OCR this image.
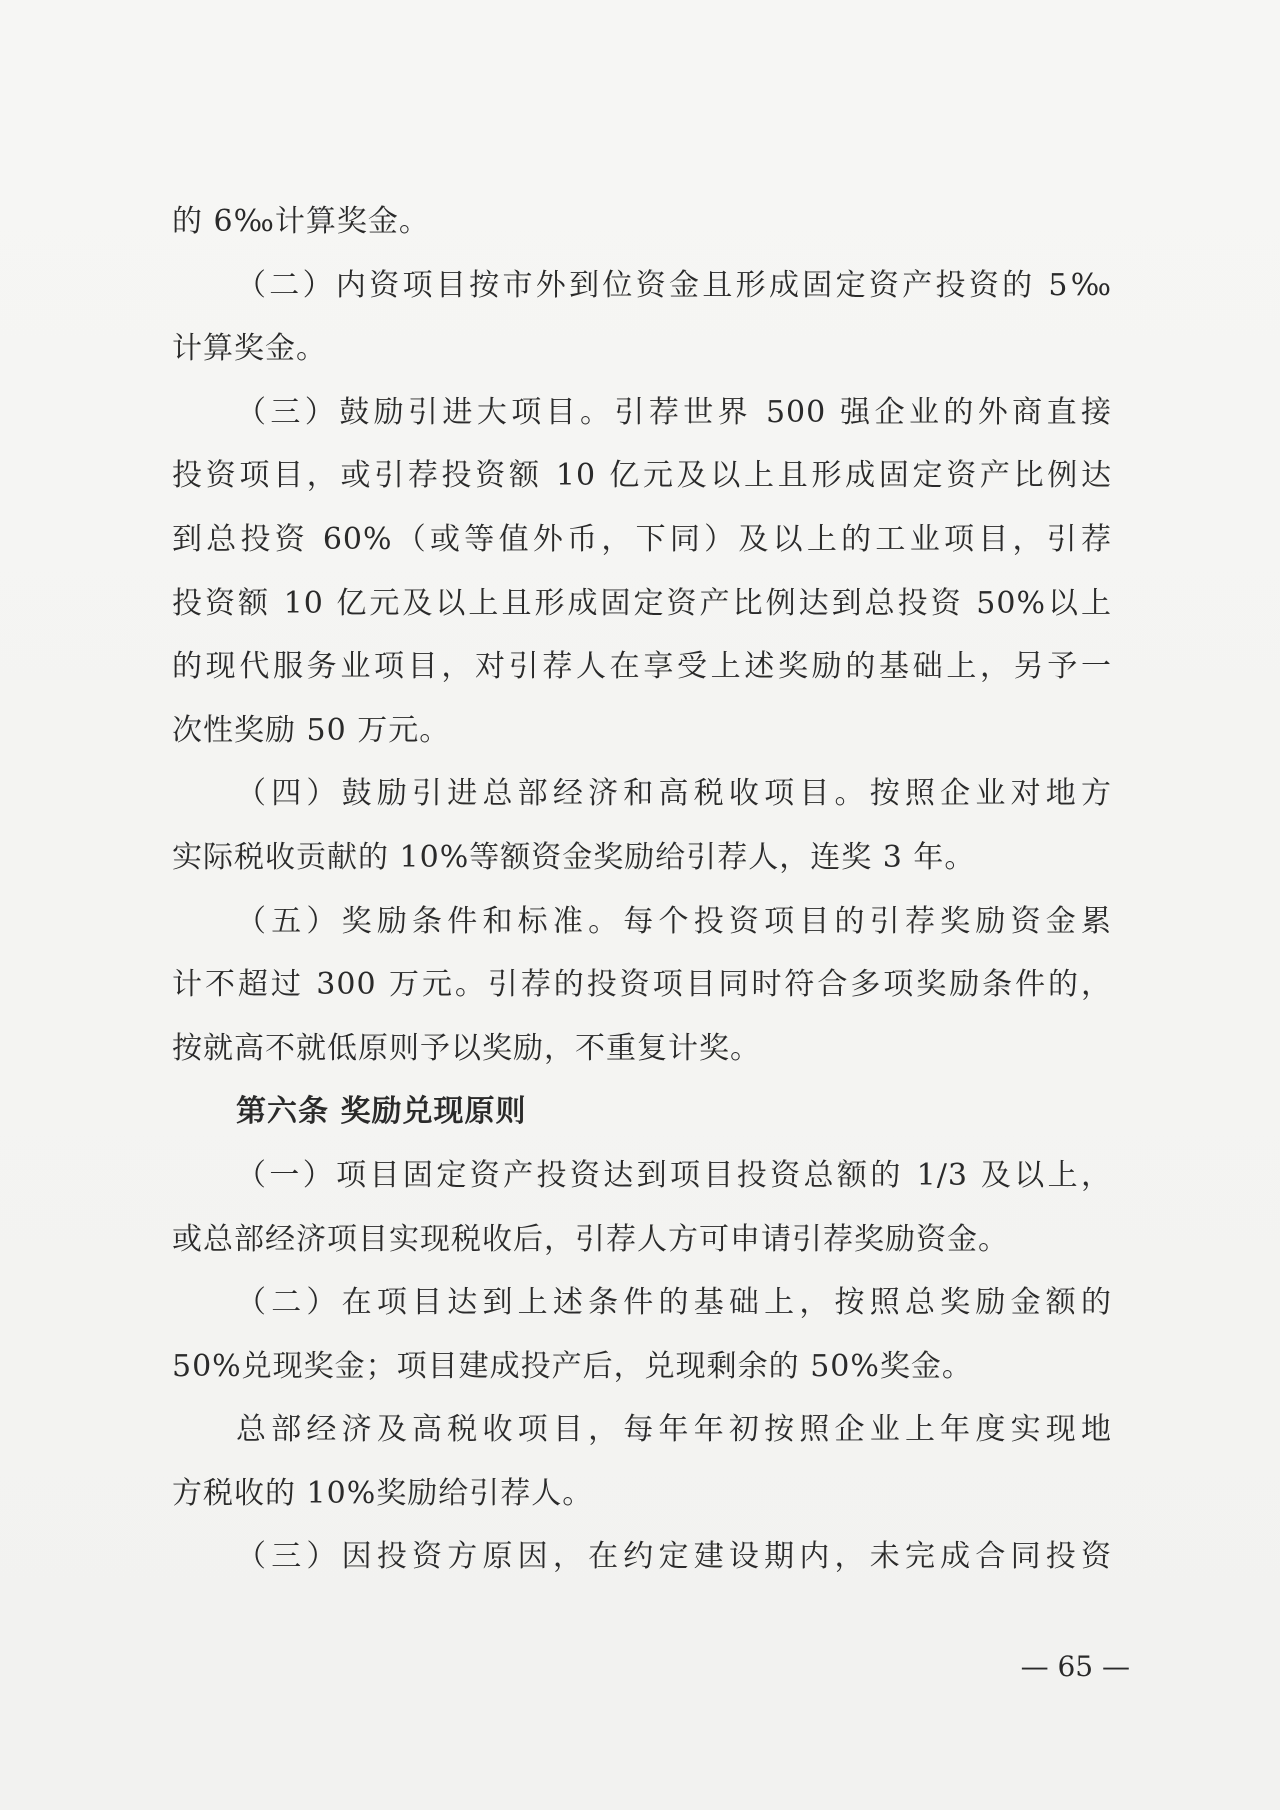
的 6‰计算奖金。

（二）内资项目按市外到位资金且形成固定资产投资的 5‰

计算奖金。

（三）鼓励引进大项目。引荐世界 500 强企业的外商直接

投资项目，或引荐投资额 10 亿元及以上且形成固定资产比例达

到总投资 60%（或等值外币，下同）及以上的工业项目，引荐

投资额 10 亿元及以上且形成固定资产比例达到总投资 50%以上

的现代服务业项目，对引荐人在享受上述奖励的基础上，另予一

次性奖励 50 万元。

（四）鼓励引进总部经济和高税收项目。按照企业对地方

实际税收贡献的 10%等额资金奖励给引荐人，连奖 3 年。

（五）奖励条件和标准。每个投资项目的引荐奖励资金累

计不超过 300 万元。引荐的投资项目同时符合多项奖励条件的，

按就高不就低原则予以奖励，不重复计奖。

第六条 奖励兑现原则

（一）项目固定资产投资达到项目投资总额的 1/3 及以上，

或总部经济项目实现税收后，引荐人方可申请引荐奖励资金。

（二）在项目达到上述条件的基础上，按照总奖励金额的

50%兑现奖金；项目建成投产后，兑现剩余的 50%奖金。

总部经济及高税收项目，每年年初按照企业上年度实现地

方税收的 10%奖励给引荐人。

（三）因投资方原因，在约定建设期内，未完成合同投资

— 65 —
